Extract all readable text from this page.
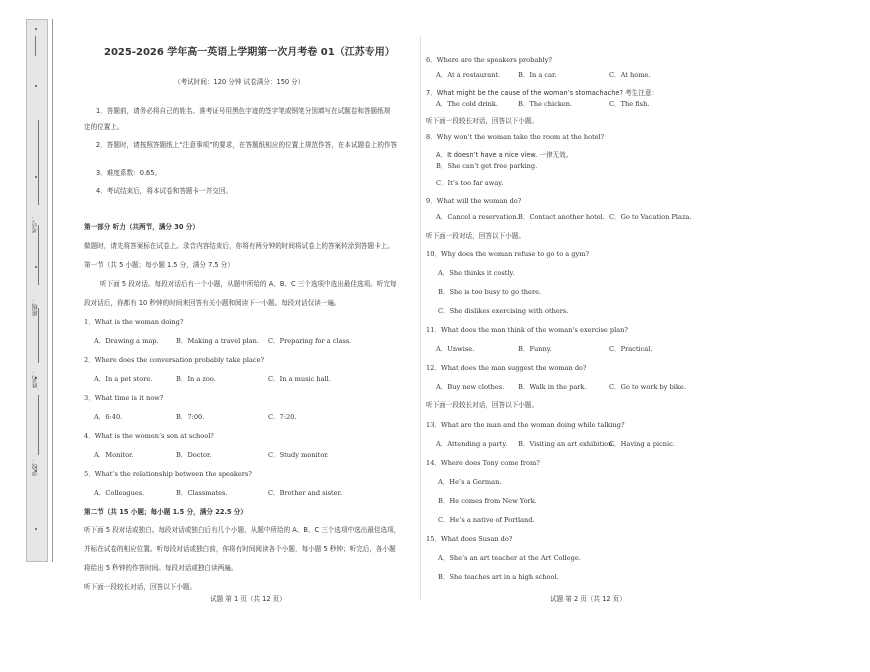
学校：
姓名：
班级：
考号：
2025-2026 学年高一英语上学期第一次月考卷 01（江苏专用）
（考试时间：120 分钟 试卷满分：150 分）
1．答题前，请务必将自己的姓名、准考证号用黑色字迹的签字笔或钢笔分别填写在试题卷和答题纸规
定的位置上。
2．答题时，请按照答题纸上“注意事项”的要求，在答题纸相应的位置上规范作答，在本试题卷上的作答
3．难度系数：0.65。
4．考试结束后，将本试卷和答题卡一并交回。
第一部分 听力（共两节，满分 30 分）
做题时，请先将答案标在试卷上。录音内容结束后，你将有两分钟的时间将试卷上的答案转涂到答题卡上。
第一节（共 5 小题；每小题 1.5 分，满分 7.5 分）
听下面 5 段对话。每段对话后有一个小题，从题中所给的 A、B、C 三个选项中选出最佳选项。听完每
段对话后，你都有 10 秒钟的时间来回答有关小题和阅读下一小题。每段对话仅读一遍。
1．What is the woman doing?
A．Drawing a map.	B．Making a travel plan. C．Preparing for a class.
2．Where does the conversation probably take place?
A．In a pet store.	B．In a zoo.	C．In a music hall.
3．What time is it now?
A．6:40.	B．7:00.	C．7:20.
4．What is the women’s son at school?
A．Monitor.	B．Doctor.	C．Study monitor.
5．What’s the relationship between the speakers?
A．Colleagues.	B．Classmates.	C．Brother and sister.
第二节（共 15 小题；每小题 1.5 分，满分 22.5 分）
听下面 5 段对话或独白。每段对话或独白后有几个小题，从题中所给的 A、B、C 三个选项中选出最佳选项，
并标在试卷的相应位置。听每段对话或独白前，你将有时间阅读各个小题，每小题 5 秒钟；听完后，各小题
将给出 5 秒钟的作答时间。每段对话或独白读两遍。
听下面一段较长对话，回答以下小题。
试题 第 1 页（共 12 页）
6．Where are the speakers probably?
A．At a restaurant.	B．In a car.	C．At home.
7．What might be the cause of the woman’s stomachache? 考生注意：
A．The cold drink.	B．The chicken.	C．The fish.
听下面一段较长对话，回答以下小题。
8．Why won’t the woman take the room at the hotel?
A．It doesn’t have a nice view. 一律无效。
B．She can’t get free parking.
C．It’s too far away.
9．What will the woman do?
A．Cancel a reservation. B．Contact another hotel. C．Go to Vacation Plaza.
听下面一段对话，回答以下小题。
10．Why does the woman refuse to go to a gym?
A．She thinks it costly.
B．She is too busy to go there.
C．She dislikes exercising with others.
11．What does the man think of the woman’s exercise plan?
A．Unwise.	B．Funny.	C．Practical.
12．What does the man suggest the woman do?
A．Buy new clothes. B．Walk in the park.	C．Go to work by bike.
听下面一段较长对话，回答以下小题。
13．What are the man and the woman doing while talking?
A．Attending a party. B．Visiting an art exhibition.
C．Having a picnic.
14．Where does Tony come from?
A．He’s a German.
B．He comes from New York.
C．He’s a native of Portland.
15．What does Susan do?
A．She’s an art teacher at the Art College.
B．She teaches art in a high school.
试题 第 2 页（共 12 页）
